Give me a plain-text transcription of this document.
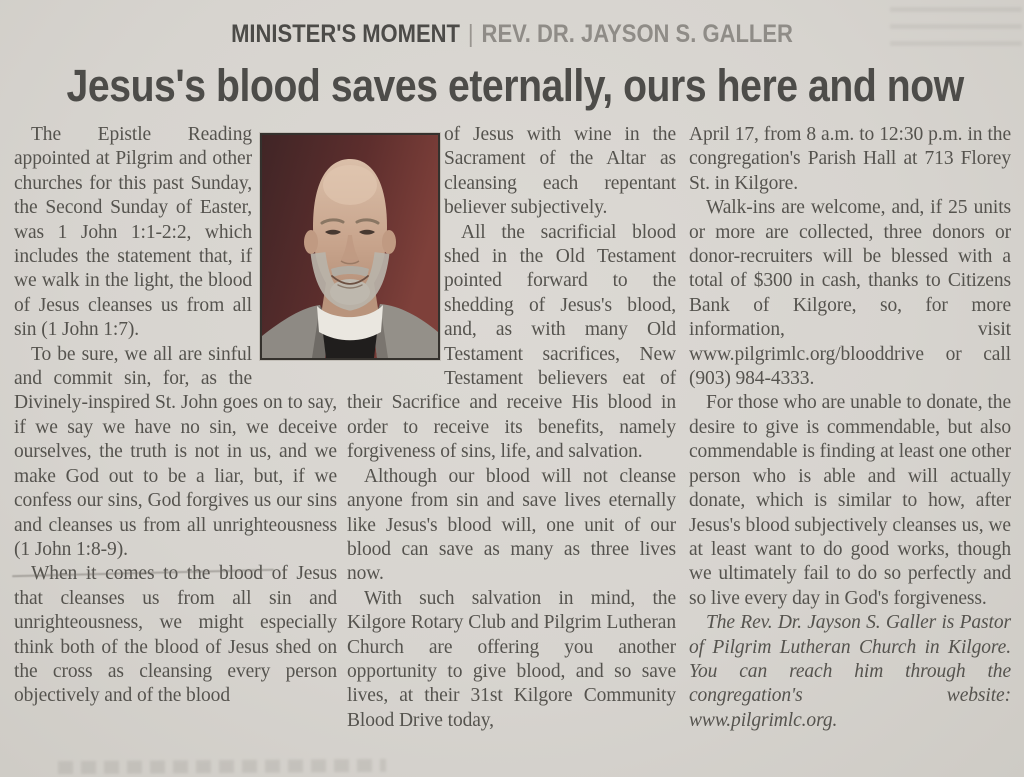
MINISTER'S MOMENT | REV. DR. JAYSON S. GALLER
Jesus's blood saves eternally, ours here and now

The Epistle Reading appointed at Pilgrim and other churches for this past Sunday, the Second Sunday of Easter, was 1 John 1:1-2:2, which includes the statement that, if we walk in the light, the blood of Jesus cleanses us from all sin (1 John 1:7).

To be sure, we all are sinful and commit sin, for, as the Divinely-inspired St. John goes on to say, if we say we have no sin, we deceive ourselves, the truth is not in us, and we make God out to be a liar, but, if we confess our sins, God forgives us our sins and cleanses us from all unrighteousness (1 John 1:8-9).

When it comes to the blood of Jesus that cleanses us from all sin and unrighteousness, we might especially think both of the blood of Jesus shed on the cross as cleansing every person objectively and of the blood

of Jesus with wine in the Sacrament of the Altar as cleansing each repentant believer subjectively.

All the sacrificial blood shed in the Old Testament pointed forward to the shedding of Jesus's blood, and, as with many Old Testament sacrifices, New Testament believers eat of their Sacrifice and receive His blood in order to receive its benefits, namely forgiveness of sins, life, and salvation.

Although our blood will not cleanse anyone from sin and save lives eternally like Jesus's blood will, one unit of our blood can save as many as three lives now.

With such salvation in mind, the Kilgore Rotary Club and Pilgrim Lutheran Church are offering you another opportunity to give blood, and so save lives, at their 31st Kilgore Community Blood Drive today,

April 17, from 8 a.m. to 12:30 p.m. in the congregation's Parish Hall at 713 Florey St. in Kilgore.

Walk-ins are welcome, and, if 25 units or more are collected, three donors or donor-recruiters will be blessed with a total of $300 in cash, thanks to Citizens Bank of Kilgore, so, for more information, visit www.pilgrimlc.org/blooddrive or call (903) 984-4333.

For those who are unable to donate, the desire to give is commendable, but also commendable is finding at least one other person who is able and will actually donate, which is similar to how, after Jesus's blood subjectively cleanses us, we at least want to do good works, though we ultimately fail to do so perfectly and so live every day in God's forgiveness.

The Rev. Dr. Jayson S. Galler is Pastor of Pilgrim Lutheran Church in Kilgore. You can reach him through the congregation's website: www.pilgrimlc.org.
